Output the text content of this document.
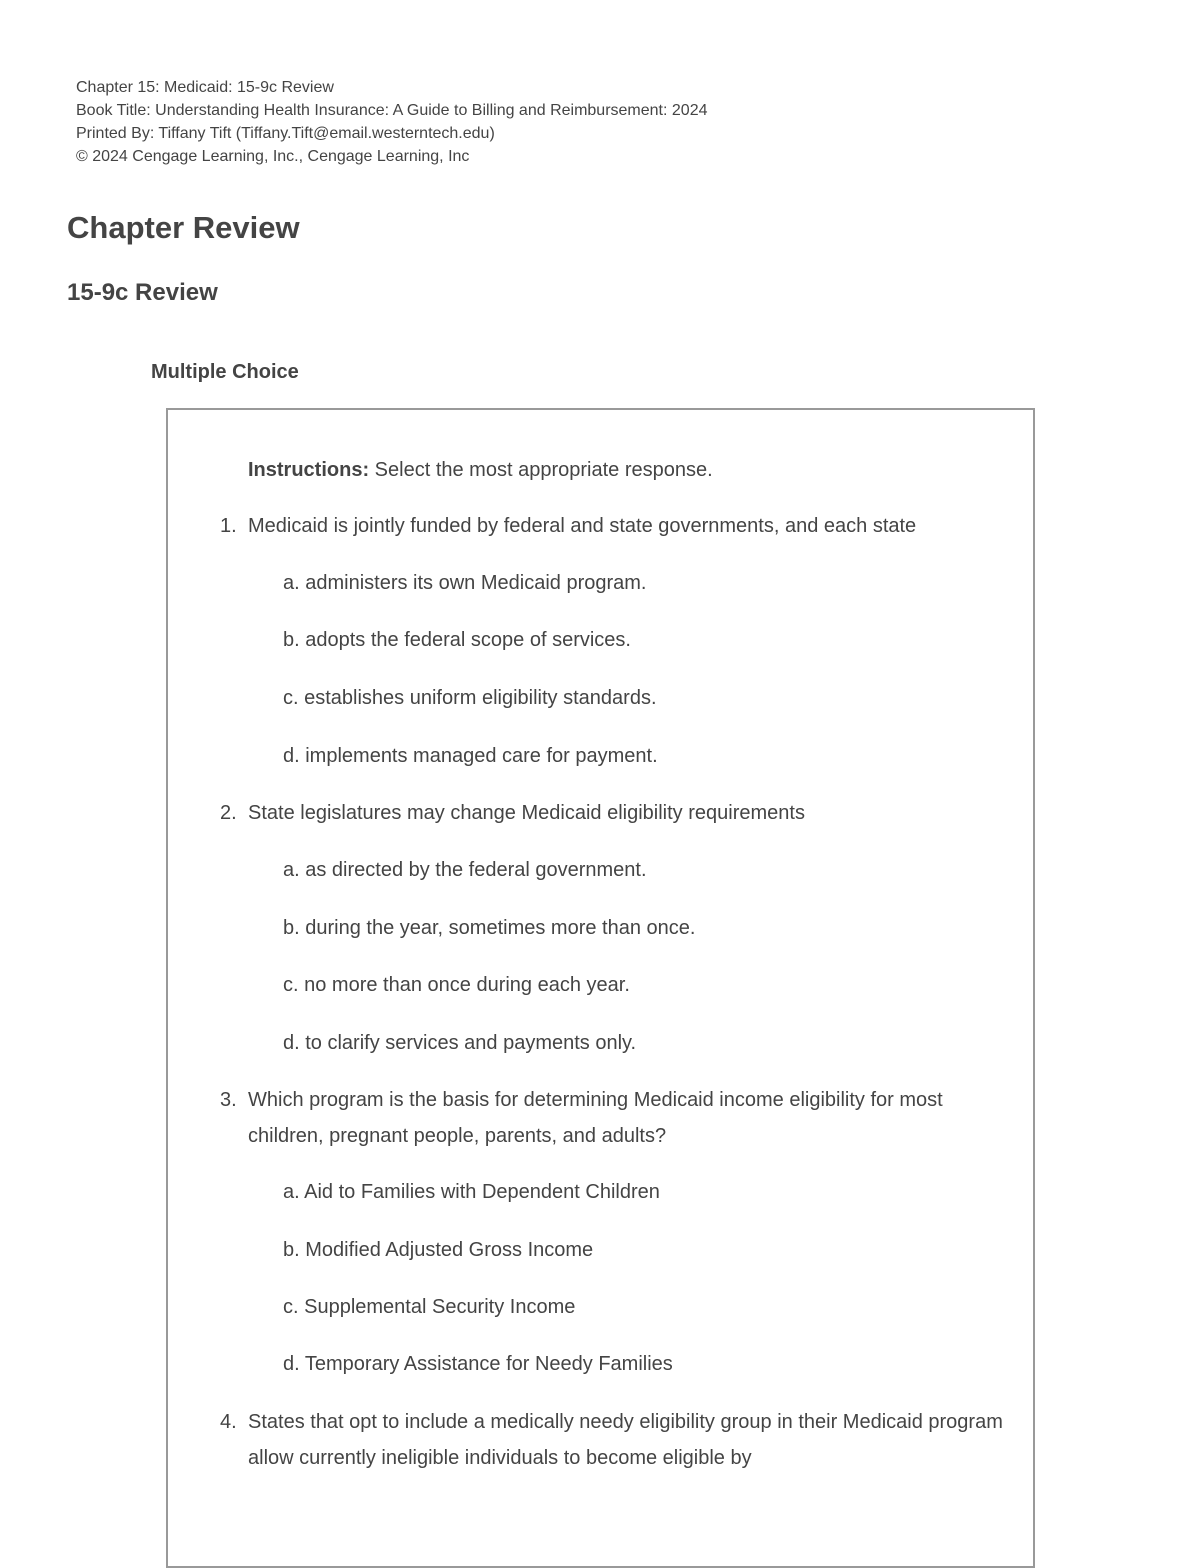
Chapter 15: Medicaid: 15-9c Review
Book Title: Understanding Health Insurance: A Guide to Billing and Reimbursement: 2024
Printed By: Tiffany Tift (Tiffany.Tift@email.westerntech.edu)
© 2024 Cengage Learning, Inc., Cengage Learning, Inc
Chapter Review
15-9c Review
Multiple Choice
Instructions: Select the most appropriate response.
1. Medicaid is jointly funded by federal and state governments, and each state
a. administers its own Medicaid program.
b. adopts the federal scope of services.
c. establishes uniform eligibility standards.
d. implements managed care for payment.
2. State legislatures may change Medicaid eligibility requirements
a. as directed by the federal government.
b. during the year, sometimes more than once.
c. no more than once during each year.
d. to clarify services and payments only.
3. Which program is the basis for determining Medicaid income eligibility for most children, pregnant people, parents, and adults?
a. Aid to Families with Dependent Children
b. Modified Adjusted Gross Income
c. Supplemental Security Income
d. Temporary Assistance for Needy Families
4. States that opt to include a medically needy eligibility group in their Medicaid program allow currently ineligible individuals to become eligible by
